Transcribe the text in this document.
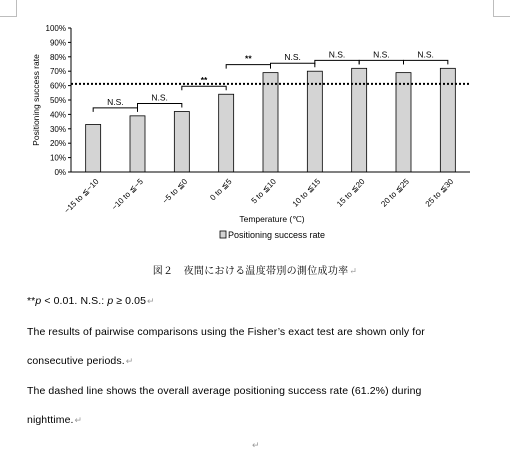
0%
10%
20%
30%
40%
50%
60%
70%
80%
90%
100%
N.S.	N.S.
**
**	N.S.	N.S.	N.S.	N.S.
−15 to ≦−10 −10 to ≦−5 −5 to ≦0 0 to ≦5 5 to ≦10 10 to ≦15 15 to ≦20 20 to ≦25 25 to ≦30
Positioning success rate
Temperature (℃)
Positioning success rate
図２　夜間における温度帯別の測位成功率↵
**p < 0.01. N.S.: p ≥ 0.05↵
The results of pairwise comparisons using the Fisher’s exact test are shown only for
consecutive periods.↵
The dashed line shows the overall average positioning success rate (61.2%) during
nighttime.↵
↵
